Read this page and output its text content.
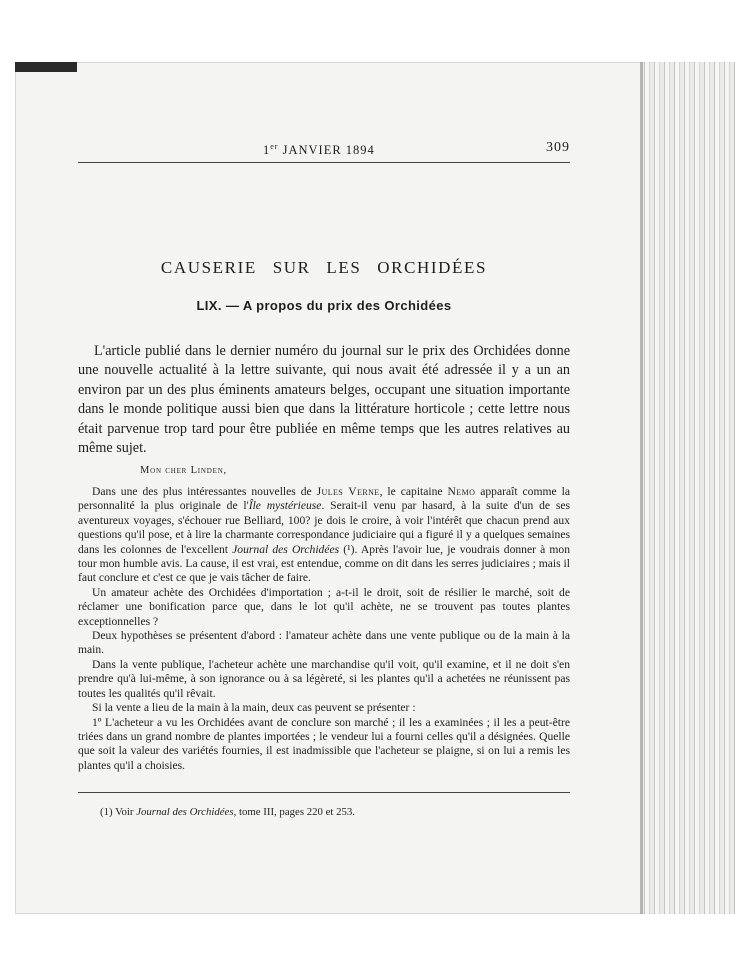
1er JANVIER 1894	309
CAUSERIE SUR LES ORCHIDÉES
LIX. — A propos du prix des Orchidées

L'article publié dans le dernier numéro du journal sur le prix des Orchidées donne une nouvelle actualité à la lettre suivante, qui nous avait été adressée il y a un an environ par un des plus éminents amateurs belges, occupant une situation importante dans le monde politique aussi bien que dans la littérature horticole ; cette lettre nous était parvenue trop tard pour être publiée en même temps que les autres relatives au même sujet.

Mon cher Linden,

Dans une des plus intéressantes nouvelles de Jules Verne, le capitaine Nemo apparaît comme la personnalité la plus originale de l'Île mystérieuse. Serait-il venu par hasard, à la suite d'un de ses aventureux voyages, s'échouer rue Belliard, 100? je dois le croire, à voir l'intérêt que chacun prend aux questions qu'il pose, et à lire la charmante correspondance judiciaire qui a figuré il y a quelques semaines dans les colonnes de l'excellent Journal des Orchidées (¹). Après l'avoir lue, je voudrais donner à mon tour mon humble avis. La cause, il est vrai, est entendue, comme on dit dans les serres judiciaires ; mais il faut conclure et c'est ce que je vais tâcher de faire.

Un amateur achète des Orchidées d'importation ; a-t-il le droit, soit de résilier le marché, soit de réclamer une bonification parce que, dans le lot qu'il achète, ne se trouvent pas toutes plantes exceptionnelles ?

Deux hypothèses se présentent d'abord : l'amateur achète dans une vente publique ou de la main à la main.

Dans la vente publique, l'acheteur achète une marchandise qu'il voit, qu'il examine, et il ne doit s'en prendre qu'à lui-même, à son ignorance ou à sa légèreté, si les plantes qu'il a achetées ne réunissent pas toutes les qualités qu'il rêvait.

Si la vente a lieu de la main à la main, deux cas peuvent se présenter :

1º L'acheteur a vu les Orchidées avant de conclure son marché ; il les a examinées ; il les a peut-être triées dans un grand nombre de plantes importées ; le vendeur lui a fourni celles qu'il a désignées. Quelle que soit la valeur des variétés fournies, il est inadmissible que l'acheteur se plaigne, si on lui a remis les plantes qu'il a choisies.

(1) Voir Journal des Orchidées, tome III, pages 220 et 253.
